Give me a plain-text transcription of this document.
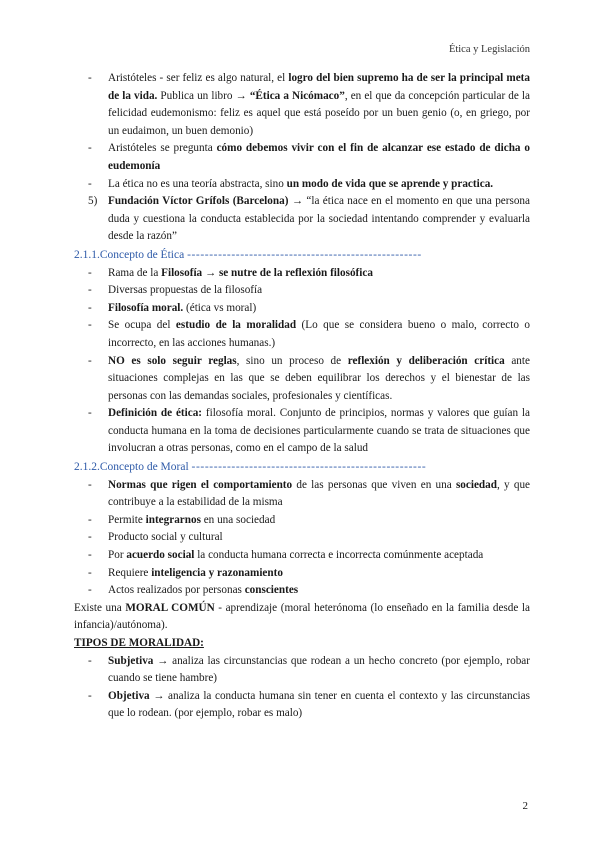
Ética y Legislación
- Aristóteles - ser feliz es algo natural, el logro del bien supremo ha de ser la principal meta de la vida. Publica un libro → “Ética a Nicómaco”, en el que da concepción particular de la felicidad eudemonismo: feliz es aquel que está poseído por un buen genio (o, en griego, por un eudaimon, un buen demonio)
- Aristóteles se pregunta cómo debemos vivir con el fin de alcanzar ese estado de dicha o eudemonía
- La ética no es una teoría abstracta, sino un modo de vida que se aprende y practica.
5) Fundación Víctor Grífols (Barcelona) → “la ética nace en el momento en que una persona duda y cuestiona la conducta establecida por la sociedad intentando comprender y evaluarla desde la razón”
2.1.1.Concepto de Ética -----------------------------------------------------
- Rama de la Filosofía → se nutre de la reflexión filosófica
- Diversas propuestas de la filosofía
- Filosofía moral. (ética vs moral)
- Se ocupa del estudio de la moralidad (Lo que se considera bueno o malo, correcto o incorrecto, en las acciones humanas.)
- NO es solo seguir reglas, sino un proceso de reflexión y deliberación crítica ante situaciones complejas en las que se deben equilibrar los derechos y el bienestar de las personas con las demandas sociales, profesionales y científicas.
- Definición de ética: filosofía moral. Conjunto de principios, normas y valores que guían la conducta humana en la toma de decisiones particularmente cuando se trata de situaciones que involucran a otras personas, como en el campo de la salud
2.1.2.Concepto de Moral -----------------------------------------------------
- Normas que rigen el comportamiento de las personas que viven en una sociedad, y que contribuye a la estabilidad de la misma
- Permite integrarnos en una sociedad
- Producto social y cultural
- Por acuerdo social la conducta humana correcta e incorrecta comúnmente aceptada
- Requiere inteligencia y razonamiento
- Actos realizados por personas conscientes
Existe una MORAL COMÚN - aprendizaje (moral heterónoma (lo enseñado en la familia desde la infancia)/autónoma).
TIPOS DE MORALIDAD:
- Subjetiva → analiza las circunstancias que rodean a un hecho concreto (por ejemplo, robar cuando se tiene hambre)
- Objetiva → analiza la conducta humana sin tener en cuenta el contexto y las circunstancias que lo rodean. (por ejemplo, robar es malo)
2
